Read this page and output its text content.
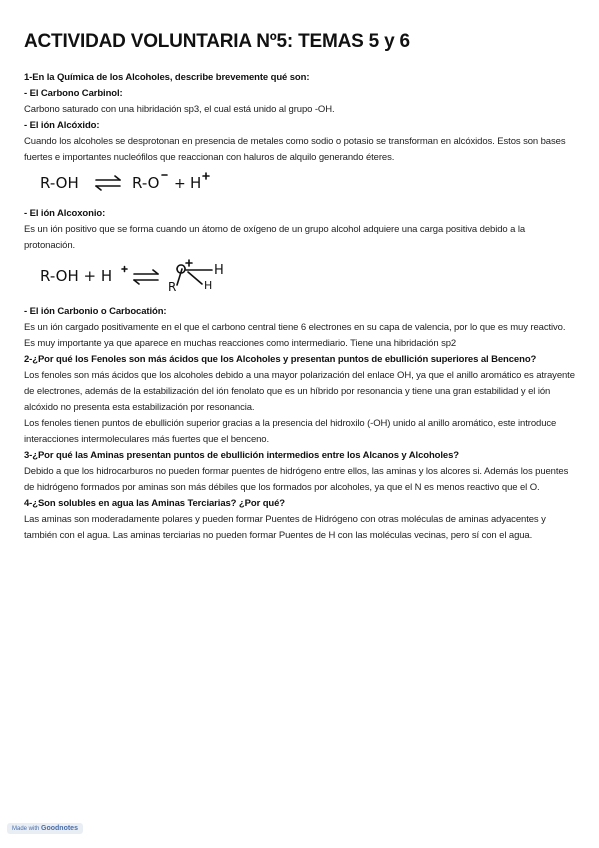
ACTIVIDAD VOLUNTARIA Nº5: TEMAS 5 y 6

1-En la Química de los Alcoholes, describe brevemente qué son:

- El Carbono Carbinol:

Carbono saturado con una hibridación sp3, el cual está unido al grupo -OH.

- El ión Alcóxido:

Cuando los alcoholes se desprotonan en presencia de metales como sodio o potasio se transforman en alcóxidos. Estos son bases fuertes e importantes nucleófilos que reaccionan con haluros de alquilo generando éteres.

R-OH	R-O + H

- El ión Alcoxonio:

Es un ión positivo que se forma cuando un átomo de oxígeno de un grupo alcohol adquiere una carga positiva debido a la protonación.

R-OH + H
R
H
H

- El ión Carbonio o Carbocatión:

Es un ión cargado positivamente en el que el carbono central tiene 6 electrones en su capa de valencia, por lo que es muy reactivo. Es muy importante ya que aparece en muchas reacciones como intermediario. Tiene una hibridación sp2

2-¿Por qué los Fenoles son más ácidos que los Alcoholes y presentan puntos de ebullición superiores al Benceno?

Los fenoles son más ácidos que los alcoholes debido a una mayor polarización del enlace OH, ya que el anillo aromático es atrayente de electrones, además de la estabilización del ión fenolato que es un híbrido por resonancia y tiene una gran estabilidad y el ión alcóxido no presenta esta estabilización por resonancia.

Los fenoles tienen puntos de ebullición superior gracias a la presencia del hidroxilo (-OH) unido al anillo aromático, este introduce interacciones intermoleculares más fuertes que el benceno.

3-¿Por qué las Aminas presentan puntos de ebullición intermedios entre los Alcanos y Alcoholes?

Debido a que los hidrocarburos no pueden formar puentes de hidrógeno entre ellos, las aminas y los alcores si. Además los puentes de hidrógeno formados por aminas son más débiles que los formados por alcoholes, ya que el N es menos reactivo que el O.

4-¿Son solubles en agua las Aminas Terciarias? ¿Por qué?

Las aminas son moderadamente polares y pueden formar Puentes de Hidrógeno con otras moléculas de aminas adyacentes y también con el agua. Las aminas terciarias no pueden formar Puentes de H con las moléculas vecinas, pero sí con el agua.

Made with Goodnotes
